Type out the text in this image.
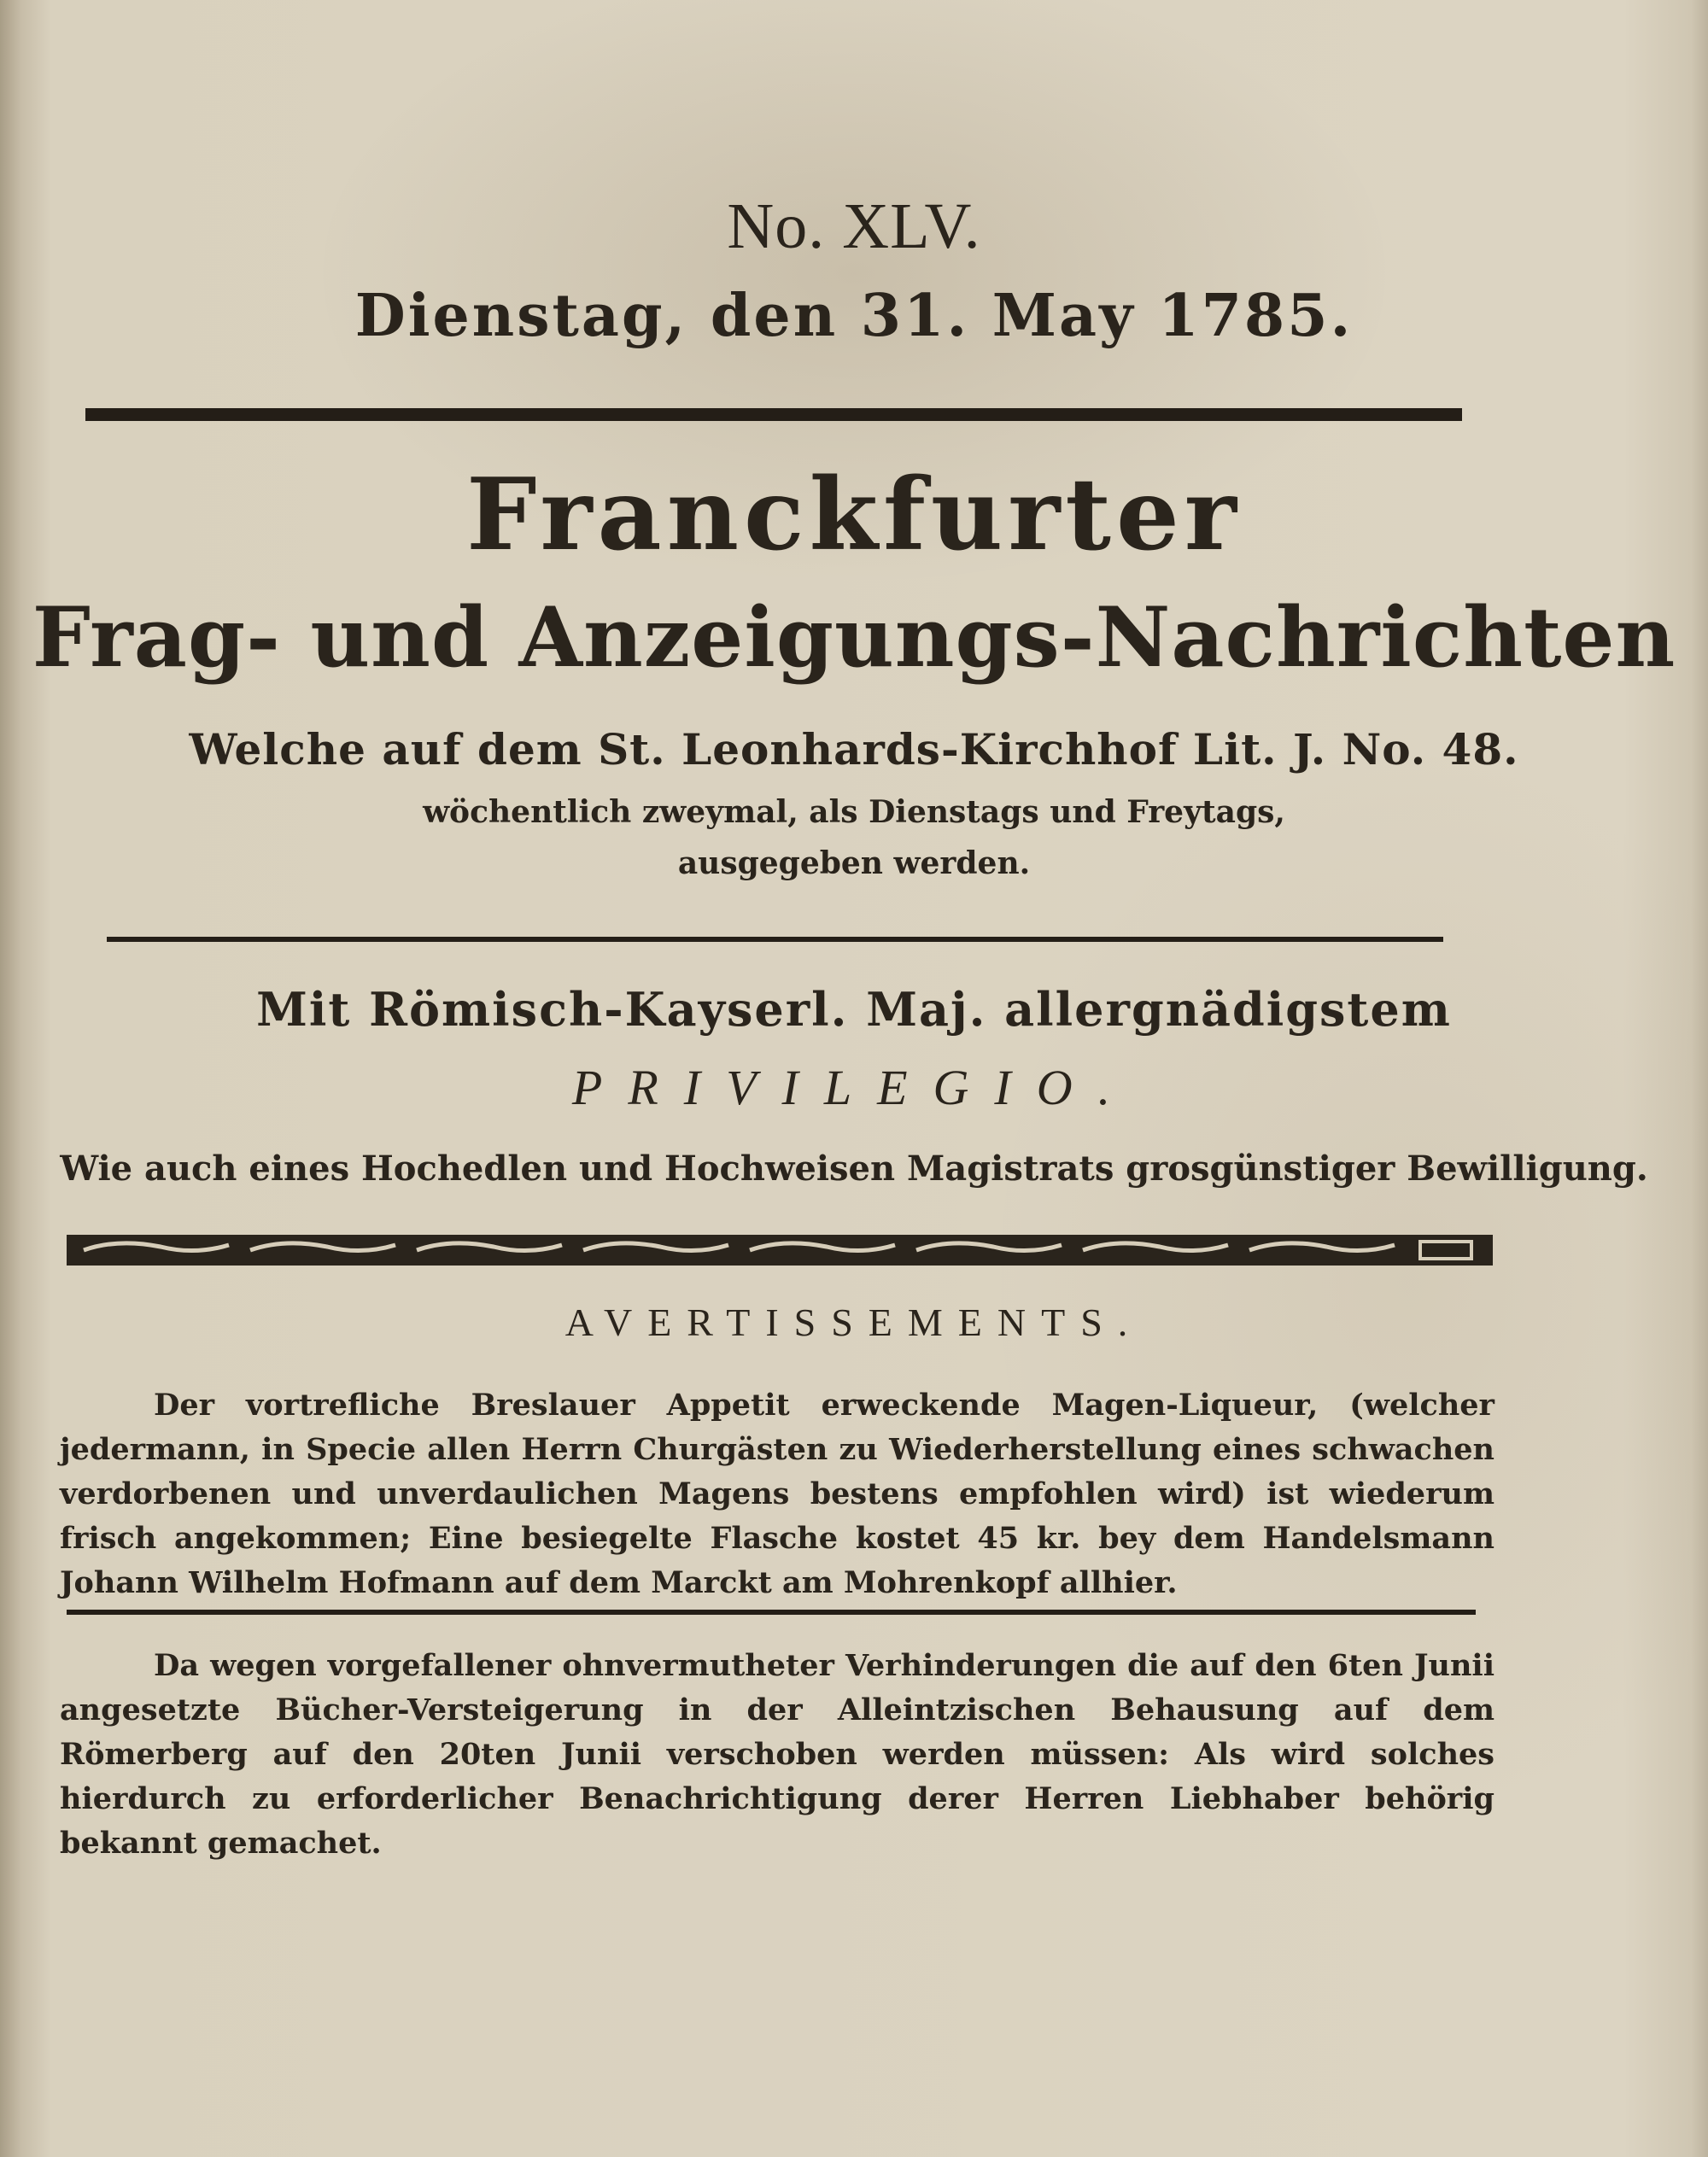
No. XLV.
Dienstag, den 31. May 1785.
Franckfurter
Frag- und Anzeigungs-Nachrichten
Welche auf dem St. Leonhards-Kirchhof Lit. J. No. 48.
wöchentlich zweymal, als Dienstags und Freytags,
ausgegeben werden.
Mit Römisch-Kayserl. Maj. allergnädigstem
PRIVILEGIO.
Wie auch eines Hochedlen und Hochweisen Magistrats grosgünstiger Bewilligung.
AVERTISSEMENTS.

Der vortrefliche Breslauer Appetit erweckende Magen-Liqueur, (welcher jedermann, in Specie allen Herrn Churgästen zu Wiederherstellung eines schwachen verdorbenen und unverdaulichen Magens bestens empfohlen wird) ist wiederum frisch angekommen; Eine besiegelte Flasche kostet 45 kr. bey dem Handelsmann Johann Wilhelm Hofmann auf dem Marckt am Mohrenkopf allhier.

Da wegen vorgefallener ohnvermutheter Verhinderungen die auf den 6ten Junii angesetzte Bücher-Versteigerung in der Alleintzischen Behausung auf dem Römerberg auf den 20ten Junii verschoben werden müssen: Als wird solches hierdurch zu erforderlicher Benachrichtigung derer Herren Liebhaber behörig bekannt gemachet.
